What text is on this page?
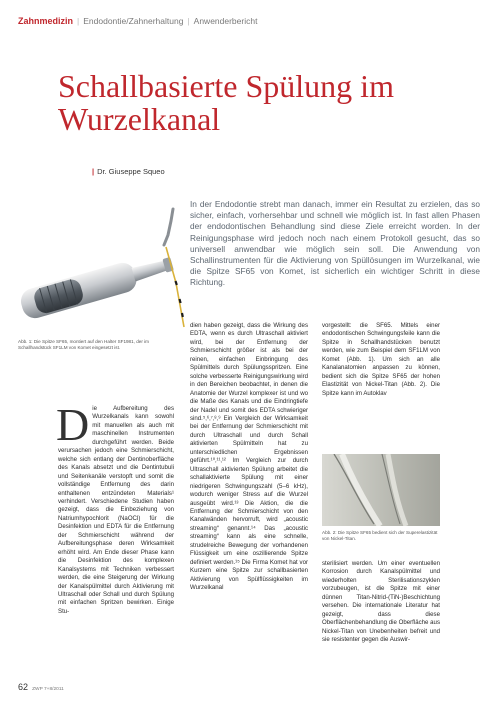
Zahnmedizin | Endodontie/Zahnerhaltung | Anwenderbericht
Schallbasierte Spülung im Wurzelkanal
| Dr. Giuseppe Squeo

In der Endodontie strebt man danach, immer ein Resultat zu erzielen, das so sicher, einfach, vorhersehbar und schnell wie möglich ist. In fast allen Phasen der endodontischen Behandlung sind diese Ziele erreicht worden. In der Reinigungsphase wird jedoch noch nach einem Protokoll gesucht, das so universell anwendbar wie möglich sein soll. Die Anwendung von Schallinstrumenten für die Aktivierung von Spüllösungen im Wurzelkanal, wie die Spitze SF65 von Komet, ist sicherlich ein wichtiger Schritt in diese Richtung.

Abb. 1: Die Spitze SF65, montiert auf den Halter SF1981, der im Schallhandstück SF1LM von Komet eingesetzt ist.

Die Aufbereitung des Wurzelkanals kann sowohl mit manuellen als auch mit maschinellen Instrumenten durchgeführt werden. Beide verursachen jedoch eine Schmierschicht, welche sich entlang der Dentinoberfläche des Kanals absetzt und die Dentintubuli und Seitenkanäle verstopft und somit die vollständige Entfernung des darin enthaltenen entzündeten Materials¹ verhindert. Verschiedene Studien haben gezeigt, dass die Einbeziehung von Natriumhypochlorit (NaOCl) für die Desinfektion und EDTA für die Entfernung der Schmierschicht während der Aufbereitungsphase deren Wirksamkeit erhöht wird. Am Ende dieser Phase kann die Desinfektion des komplexen Kanalsystems mit Techniken verbessert werden, die eine Steigerung der Wirkung der Kanalspülmittel durch Aktivierung mit Ultraschall oder Schall und durch Spülung mit einfachen Spritzen bewirken. Einige Stu-

dien haben gezeigt, dass die Wirkung des EDTA, wenn es durch Ultraschall aktiviert wird, bei der Entfernung der Schmierschicht größer ist als bei der reinen, einfachen Einbringung des Spülmittels durch Spülungsspritzen. Eine solche verbesserte Reinigungswirkung wird in den Bereichen beobachtet, in denen die Anatomie der Wurzel komplexer ist und wo die Maße des Kanals und die Eindringtiefe der Nadel und somit des EDTA schwieriger sind.⁵‚⁶‚⁷‚⁸‚⁹ Ein Vergleich der Wirksamkeit bei der Entfernung der Schmierschicht mit durch Ultraschall und durch Schall aktivierten Spülmitteln hat zu unterschiedlichen Ergebnissen geführt.¹⁰‚¹¹‚¹² Im Vergleich zur durch Ultraschall aktivierten Spülung arbeitet die schallaktivierte Spülung mit einer niedrigeren Schwingungszahl (5–6 kHz), wodurch weniger Stress auf die Wurzel ausgeübt wird.¹³ Die Aktion, die die Entfernung der Schmierschicht von den Kanalwänden hervorruft, wird „acoustic streaming“ genannt.¹⁴ Das „acoustic streaming“ kann als eine schnelle, strudelreiche Bewegung der vorhandenen Flüssigkeit um eine oszillierende Spitze definiert werden.¹⁵ Die Firma Komet hat vor Kurzem eine Spitze zur schallbasierten Aktivierung von Spülflüssigkeiten im Wurzelkanal

vorgestellt: die SF65. Mittels einer endodontischen Schwingungsfeile kann die Spitze in Schallhandstücken benutzt werden, wie zum Beispiel dem SF1LM von Komet (Abb. 1). Um sich an alle Kanalanatomien anpassen zu können, bedient sich die Spitze SF65 der hohen Elastizität von Nickel-Titan (Abb. 2). Die Spitze kann im Autoklav

Abb. 2: Die Spitze SF65 bedient sich der Superelastizität von Nickel-Titan.

sterilisiert werden. Um einer eventuellen Korrosion durch Kanalspülmittel und wiederholten Sterilisationszyklen vorzubeugen, ist die Spitze mit einer dünnen Titan-Nitrid-(TiN-)Beschichtung versehen. Die internationale Literatur hat gezeigt, dass diese Oberflächenbehandlung die Oberfläche aus Nickel-Titan von Unebenheiten befreit und sie resistenter gegen die Auswir-

62 ZWP 7+8/2011
